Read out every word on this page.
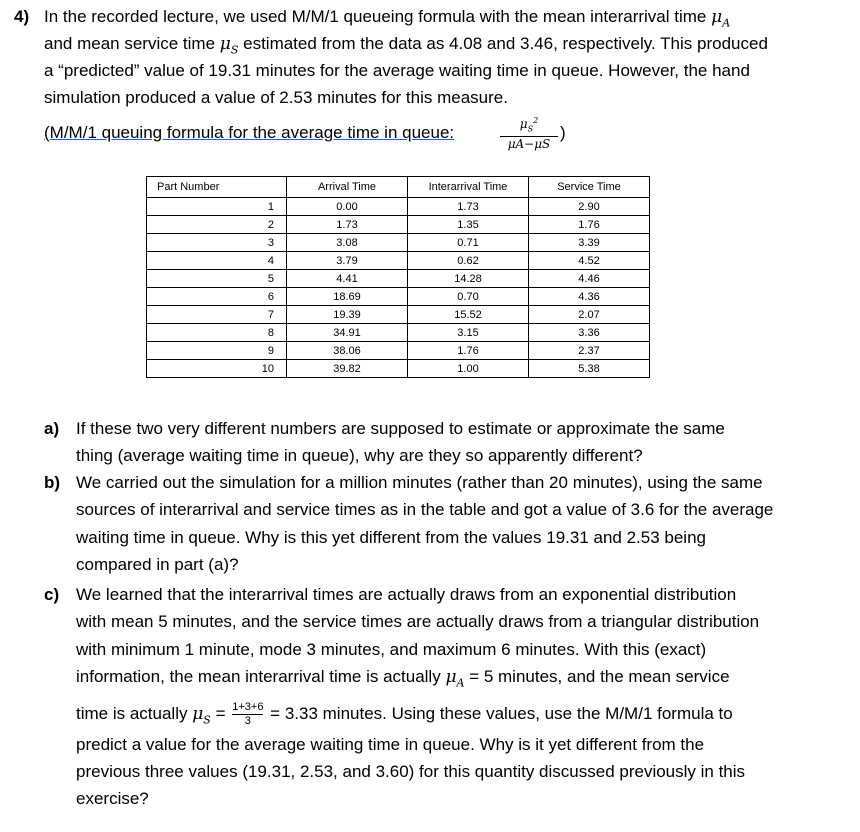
4) In the recorded lecture, we used M/M/1 queueing formula with the mean interarrival time $\mu_A$
and mean service time $\mu_S$ estimated from the data as 4.08 and 3.46, respectively. This produced
a “predicted” value of 19.31 minutes for the average waiting time in queue. However, the hand
simulation produced a value of 2.53 minutes for this measure.
(M/M/1 queuing formula for the average time in queue:	$\mu_S^2$
μA−μS
)
Part Number	Arrival Time	Interarrival Time	Service Time
1	0.00	1.73	2.90
2	1.73	1.35	1.76
3	3.08	0.71	3.39
4	3.79	0.62	4.52
5	4.41	14.28	4.46
6	18.69	0.70	4.36
7	19.39	15.52	2.07
8	34.91	3.15	3.36
9	38.06	1.76	2.37
10	39.82	1.00	5.38
a) If these two very different numbers are supposed to estimate or approximate the same
thing (average waiting time in queue), why are they so apparently different?
b) We carried out the simulation for a million minutes (rather than 20 minutes), using the same
sources of interarrival and service times as in the table and got a value of 3.6 for the average
waiting time in queue. Why is this yet different from the values 19.31 and 2.53 being
compared in part (a)?
c) We learned that the interarrival times are actually draws from an exponential distribution
with mean 5 minutes, and the service times are actually draws from a triangular distribution
with minimum 1 minute, mode 3 minutes, and maximum 6 minutes. With this (exact)
information, the mean interarrival time is actually $\mu_A = 5$ minutes, and the mean service
time is actually $\mu_S = \frac{1+3+6}{3} = 3.33$ minutes. Using these values, use the M/M/1 formula to
predict a value for the average waiting time in queue. Why is it yet different from the
previous three values (19.31, 2.53, and 3.60) for this quantity discussed previously in this
exercise?
